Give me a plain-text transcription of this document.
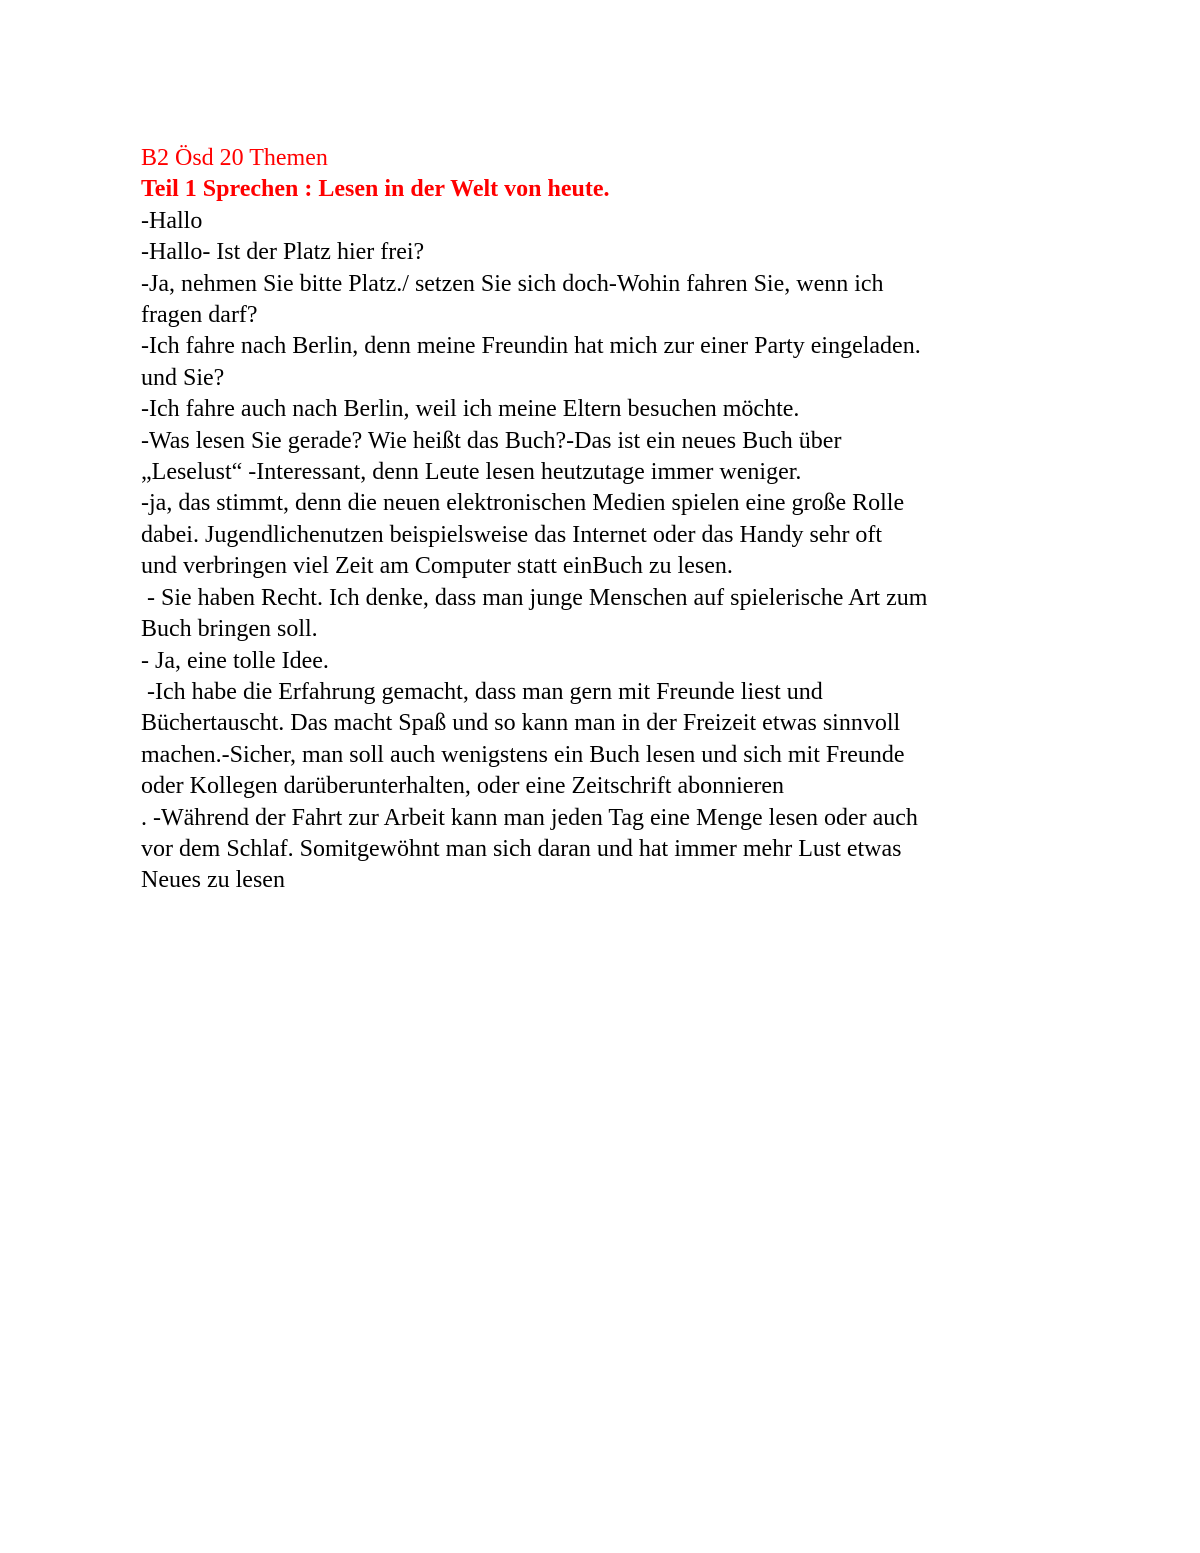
B2 Ösd 20 Themen
Teil 1 Sprechen : Lesen in der Welt von heute.
-Hallo
-Hallo- Ist der Platz hier frei?
-Ja, nehmen Sie bitte Platz./ setzen Sie sich doch-Wohin fahren Sie, wenn ich
fragen darf?
-Ich fahre nach Berlin, denn meine Freundin hat mich zur einer Party eingeladen.
und Sie?
-Ich fahre auch nach Berlin, weil ich meine Eltern besuchen möchte.
-Was lesen Sie gerade? Wie heißt das Buch?-Das ist ein neues Buch über
„Leselust“ -Interessant, denn Leute lesen heutzutage immer weniger.
-ja, das stimmt, denn die neuen elektronischen Medien spielen eine große Rolle
dabei. Jugendlichenutzen beispielsweise das Internet oder das Handy sehr oft
und verbringen viel Zeit am Computer statt einBuch zu lesen.
- Sie haben Recht. Ich denke, dass man junge Menschen auf spielerische Art zum
Buch bringen soll.
- Ja, eine tolle Idee.
-Ich habe die Erfahrung gemacht, dass man gern mit Freunde liest und
Büchertauscht. Das macht Spaß und so kann man in der Freizeit etwas sinnvoll
machen.-Sicher, man soll auch wenigstens ein Buch lesen und sich mit Freunde
oder Kollegen darüberunterhalten, oder eine Zeitschrift abonnieren
. -Während der Fahrt zur Arbeit kann man jeden Tag eine Menge lesen oder auch
vor dem Schlaf. Somitgewöhnt man sich daran und hat immer mehr Lust etwas
Neues zu lesen
